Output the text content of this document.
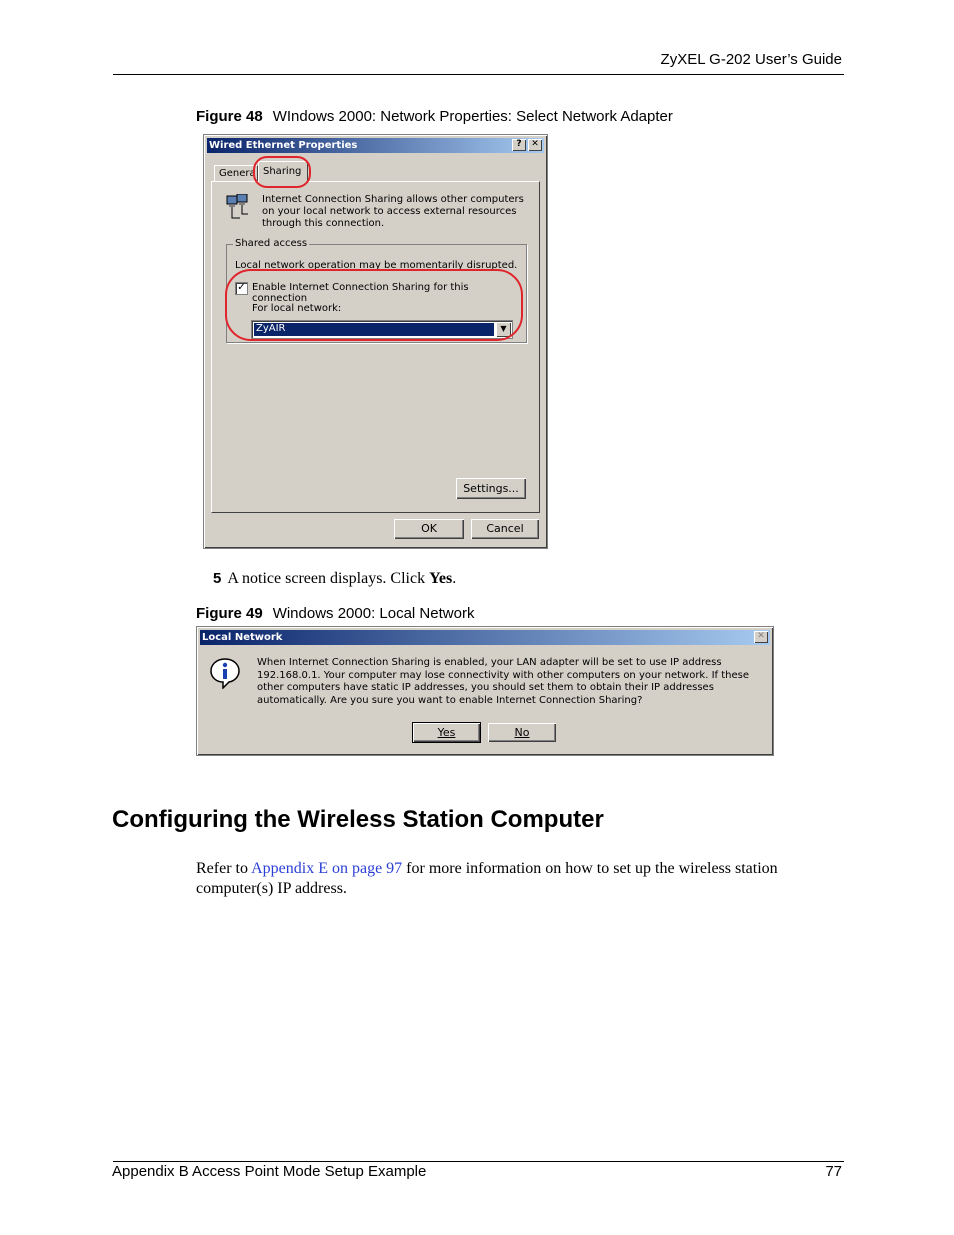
ZyXEL G-202 User’s Guide
Figure 48 WIndows 2000: Network Properties: Select Network Adapter
Wired Ethernet Properties	?	✕
Genera Sharing
Internet Connection Sharing allows other computers on your local network to access external resources through this connection.
Shared access
Local network operation may be momentarily disrupted.
✓ Enable Internet Connection Sharing for this connection
For local network:
ZyAIR	▼
Settings...
OK	Cancel
5 A notice screen displays. Click Yes.
Figure 49 Windows 2000: Local Network
Local Network	✕
When Internet Connection Sharing is enabled, your LAN adapter will be set to use IP address 192.168.0.1. Your computer may lose connectivity with other computers on your network. If these other computers have static IP addresses, you should set them to obtain their IP addresses automatically. Are you sure you want to enable Internet Connection Sharing?
Yes	No
Configuring the Wireless Station Computer
Refer to Appendix E on page 97 for more information on how to set up the wireless station computer(s) IP address.
Appendix B Access Point Mode Setup Example	77
